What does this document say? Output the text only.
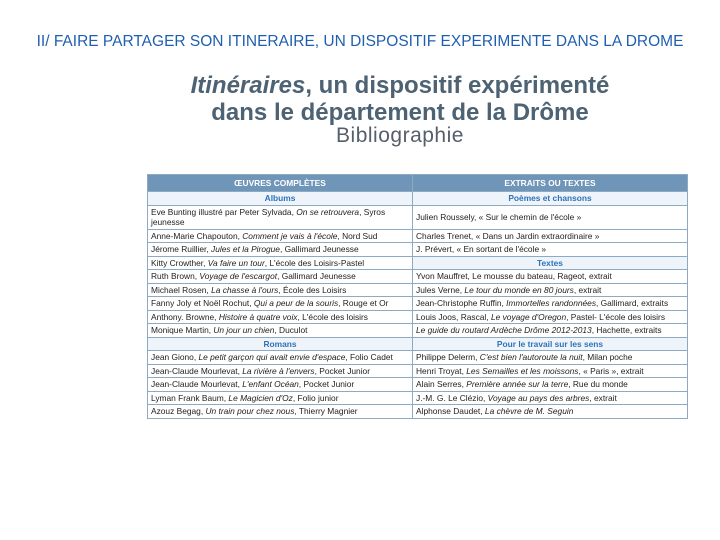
II/ FAIRE PARTAGER SON ITINERAIRE, UN DISPOSITIF EXPERIMENTE DANS LA DROME
Itinéraires, un dispositif expérimenté
dans le département de la Drôme
Bibliographie
ŒUVRES COMPLÈTES	EXTRAITS OU TEXTES
Albums	Poèmes et chansons
Eve Bunting illustré par Peter Sylvada, On se retrouvera, Syros jeunesse	Julien Roussely, « Sur le chemin de l'école »
Anne-Marie Chapouton, Comment je vais à l'école, Nord Sud	Charles Trenet, « Dans un Jardin extraordinaire »
Jérome Ruillier, Jules et la Pirogue, Gallimard Jeunesse	J. Prévert, « En sortant de l'école »
Kitty Crowther, Va faire un tour, L'école des Loisirs-Pastel	Textes
Ruth Brown, Voyage de l'escargot, Gallimard Jeunesse	Yvon Mauffret, Le mousse du bateau, Rageot, extrait
Michael Rosen, La chasse à l'ours, École des Loisirs	Jules Verne, Le tour du monde en 80 jours, extrait
Fanny Joly et Noël Rochut, Qui a peur de la souris, Rouge et Or	Jean-Christophe Ruffin, Immortelles randonnées, Gallimard, extraits
Anthony. Browne, Histoire à quatre voix, L'école des loisirs	Louis Joos, Rascal, Le voyage d'Oregon, Pastel- L'école des loisirs
Monique Martin, Un jour un chien, Duculot	Le guide du routard Ardèche Drôme 2012-2013, Hachette, extraits
Romans	Pour le travail sur les sens
Jean Giono, Le petit garçon qui avait envie d'espace, Folio Cadet	Philippe Delerm, C'est bien l'autoroute la nuit, Milan poche
Jean-Claude Mourlevat, La rivière à l'envers, Pocket Junior	Henri Troyat, Les Semailles et les moissons, « Paris », extrait
Jean-Claude Mourlevat, L'enfant Océan, Pocket Junior	Alain Serres, Première année sur la terre, Rue du monde
Lyman Frank Baum, Le Magicien d'Oz, Folio junior	J.-M. G. Le Clézio, Voyage au pays des arbres, extrait
Azouz Begag, Un train pour chez nous, Thierry Magnier	Alphonse Daudet, La chèvre de M. Seguin
